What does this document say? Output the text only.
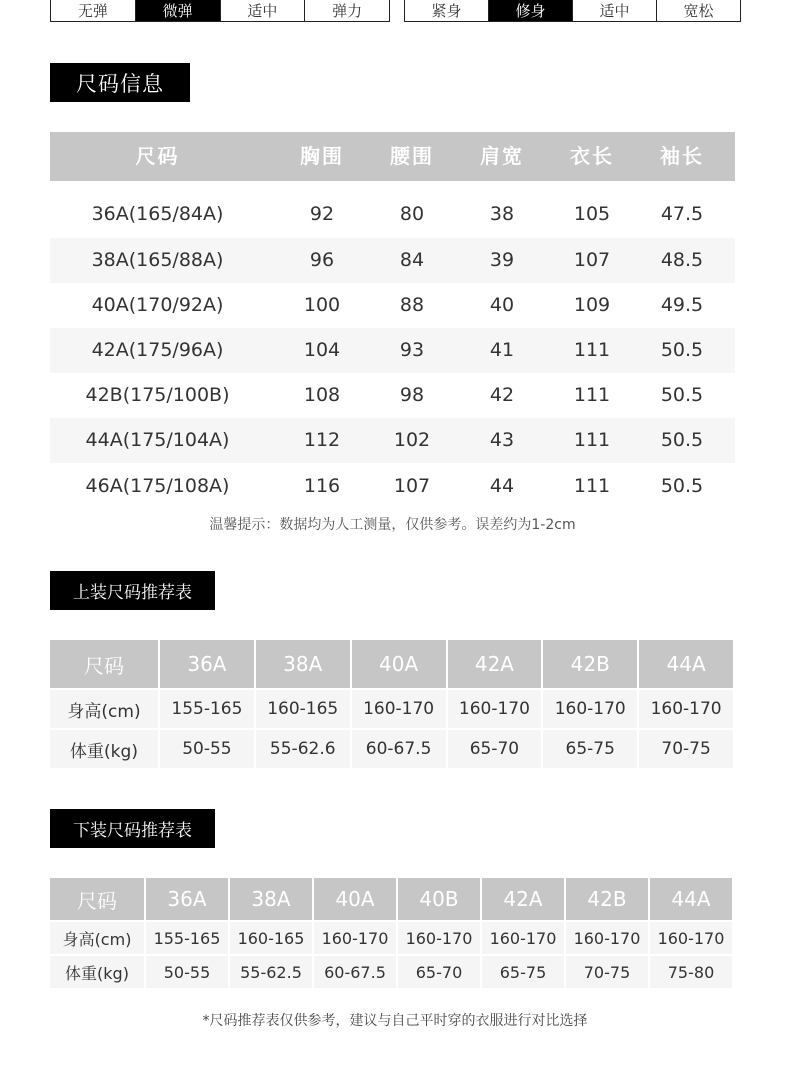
无弹	微弹	适中	弹力	紧身	修身	适中	宽松
尺码信息
尺码	胸围	腰围	肩宽	衣长	袖长
36A(165/84A)	92	80	38	105	47.5
38A(165/88A)	96	84	39	107	48.5
40A(170/92A)	100	88	40	109	49.5
42A(175/96A)	104	93	41	111	50.5
42B(175/100B)	108	98	42	111	50.5
44A(175/104A)	112	102	43	111	50.5
46A(175/108A)	116	107	44	111	50.5
温馨提示：数据均为人工测量，仅供参考。误差约为1-2cm
上装尺码推荐表
尺码	36A	38A	40A	42A	42B	44A
身高(cm)	155-165	160-165	160-170	160-170	160-170	160-170
体重(kg)	50-55	55-62.6	60-67.5	65-70	65-75	70-75
下装尺码推荐表
尺码	36A	38A	40A	40B	42A	42B	44A
身高(cm)	155-165	160-165	160-170	160-170	160-170	160-170	160-170
体重(kg)	50-55	55-62.5	60-67.5	65-70	65-75	70-75	75-80
*尺码推荐表仅供参考，建议与自己平时穿的衣服进行对比选择
